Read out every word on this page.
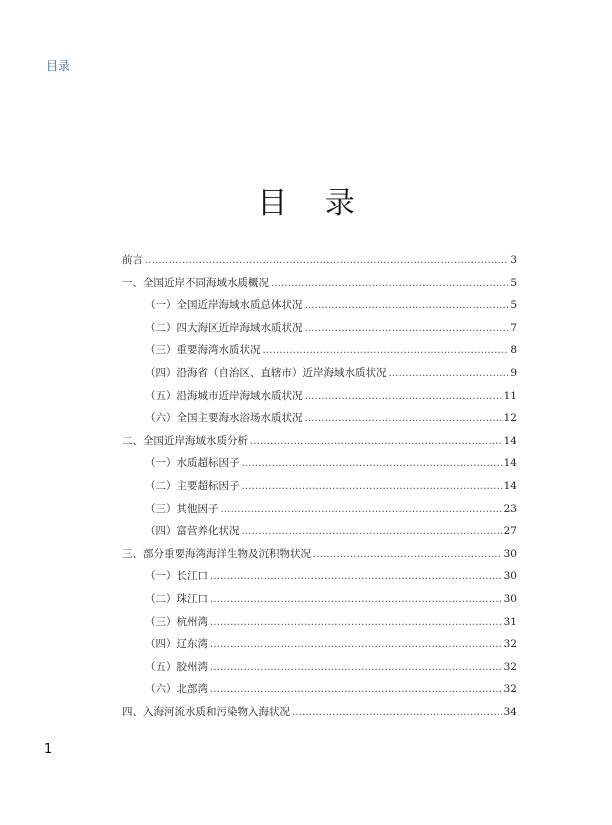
目录
目 录
前言 . . .	3
一、全国近岸不同海域水质概况 . . .	5
（一）全国近岸海域水质总体状况 . . .	5
（二）四大海区近岸海域水质状况 . . .	7
（三）重要海湾水质状况 . . .	8
（四）沿海省（自治区、直辖市）近岸海域水质状况 . . .	9
（五）沿海城市近岸海域水质状况 . . .	11
（六）全国主要海水浴场水质状况 . . .	12
二、全国近岸海域水质分析 . . .	14
（一）水质超标因子 . . .	14
（二）主要超标因子 . . .	14
（三）其他因子 . . .	23
（四）富营养化状况 . . .	27
三、部分重要海湾海洋生物及沉积物状况 . . .	30
（一）长江口 . . .	30
（二）珠江口 . . .	30
（三）杭州湾 . . .	31
（四）辽东湾 . . .	32
（五）胶州湾 . . .	32
（六）北部湾 . . .	32
四、入海河流水质和污染物入海状况 . . .	34
1
